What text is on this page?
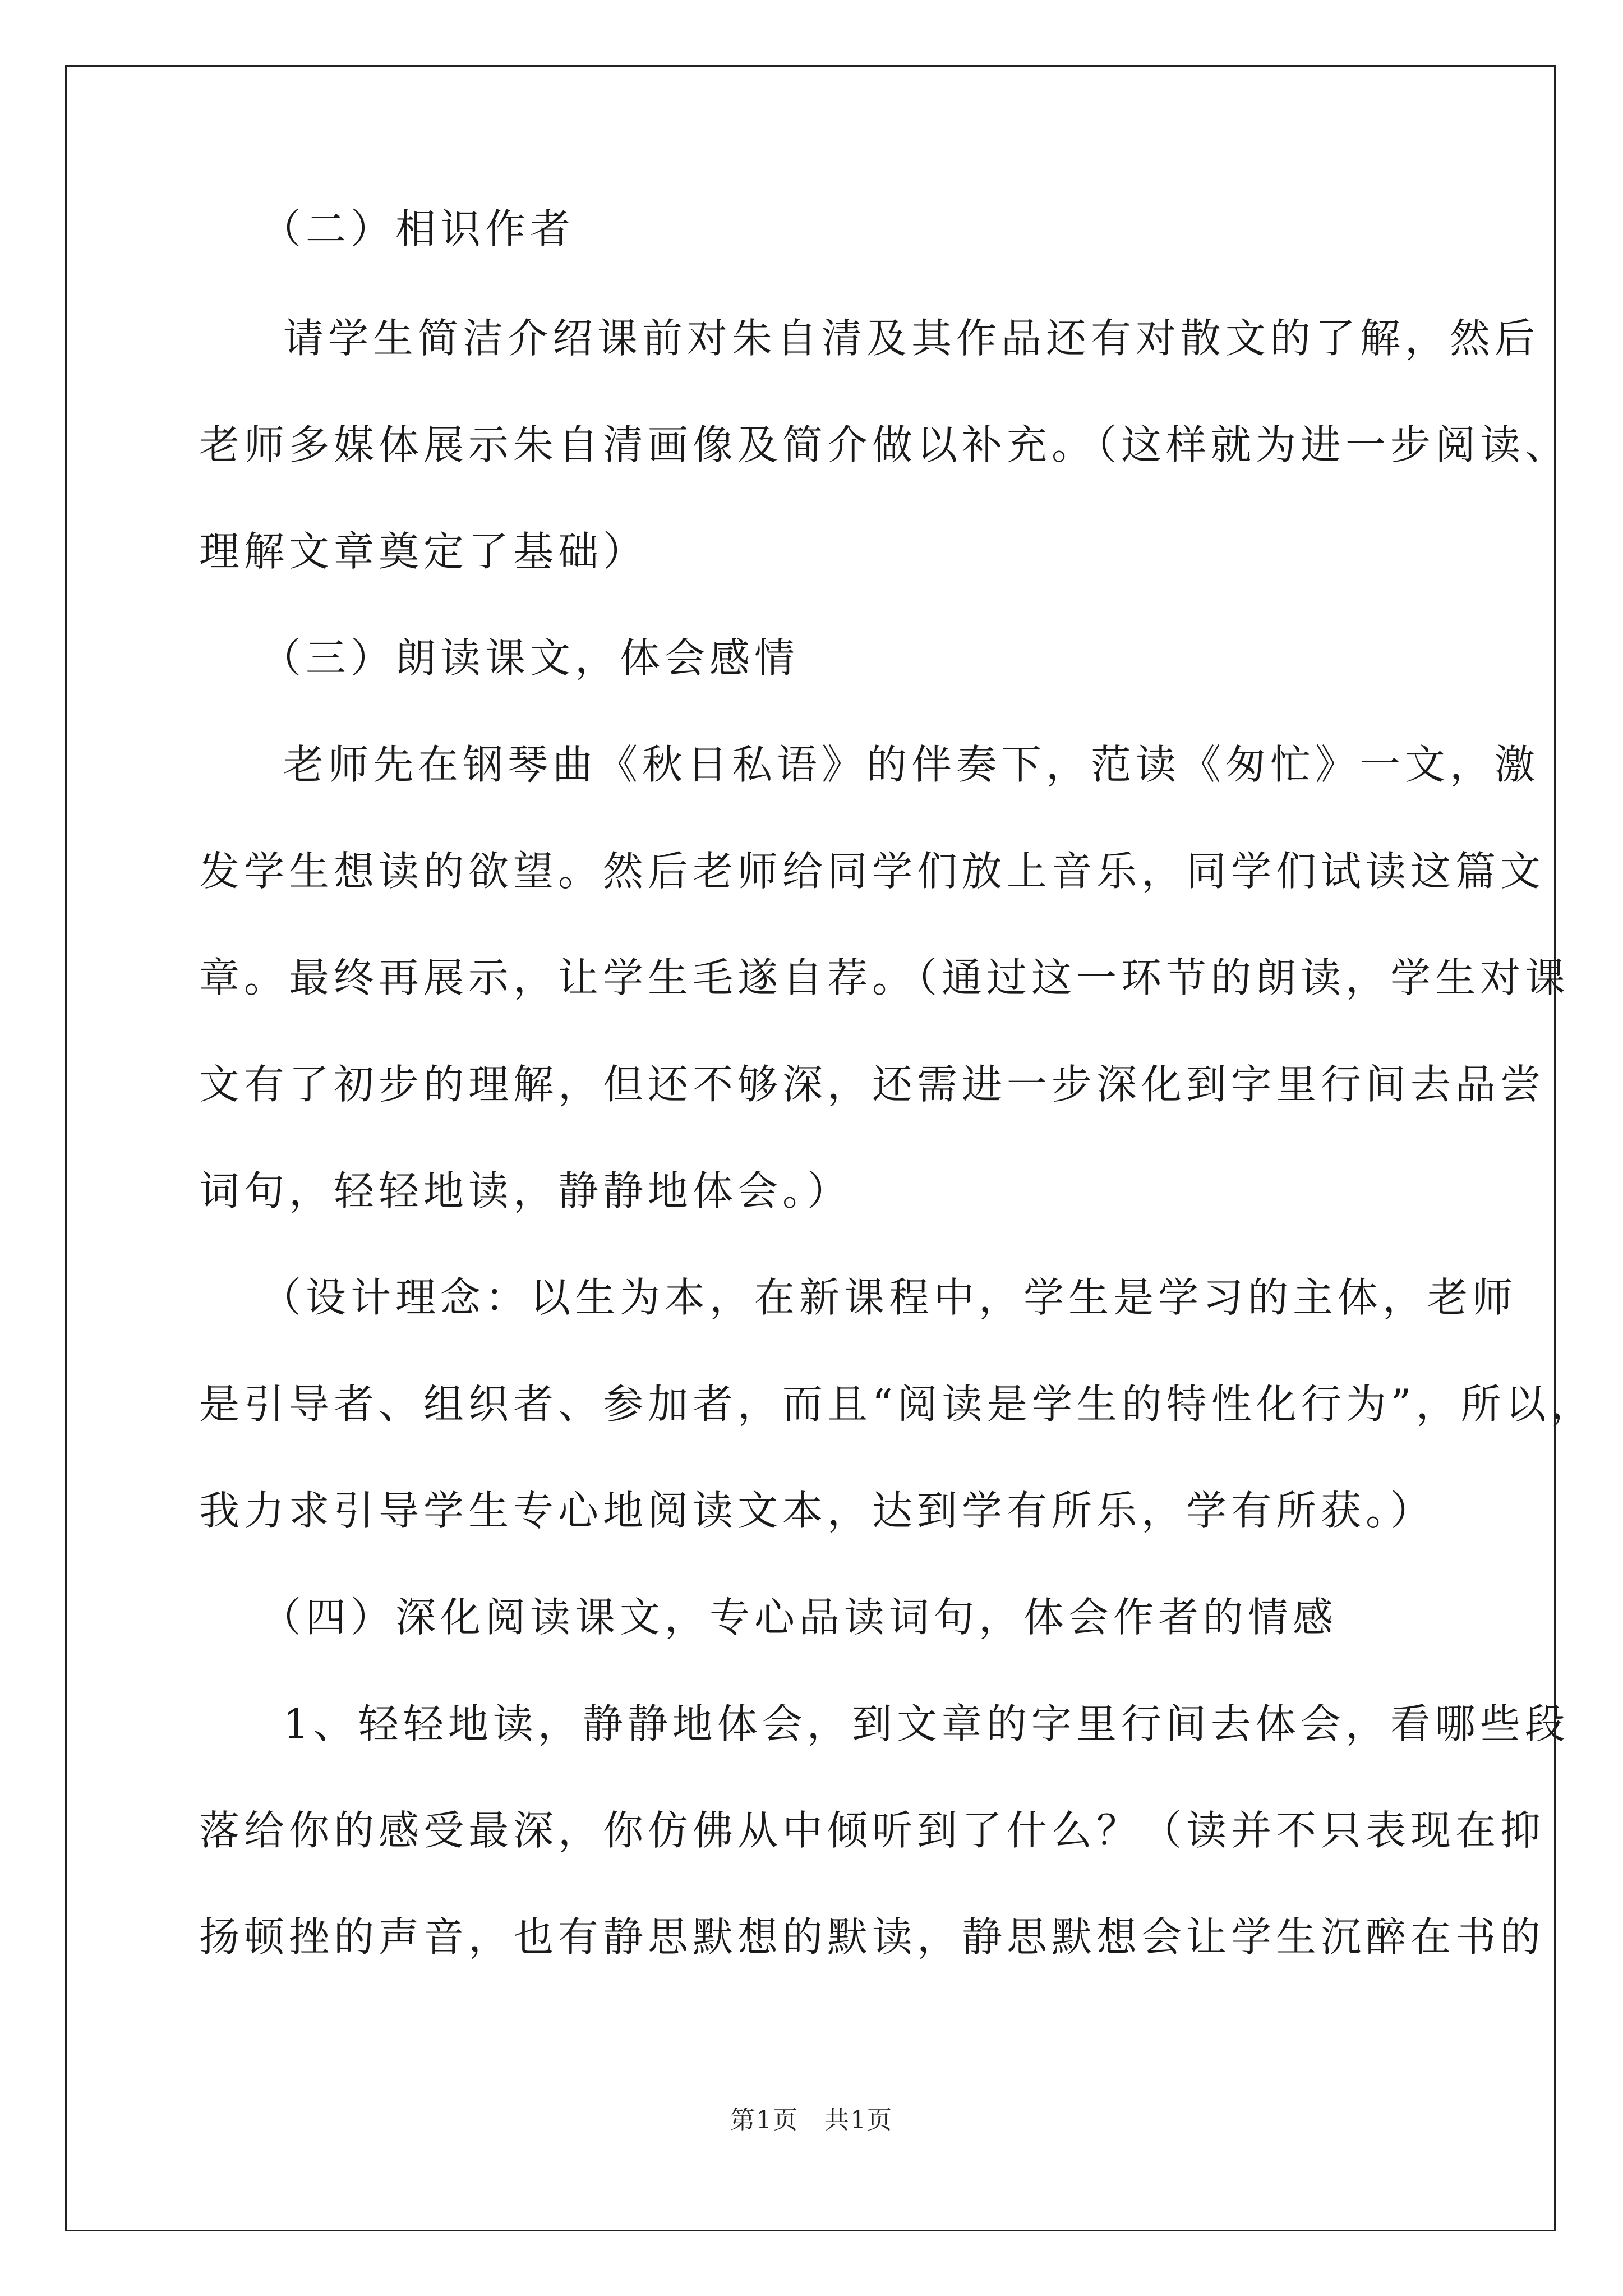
（二）相识作者
请学生简洁介绍课前对朱自清及其作品还有对散文的了解，然后
老师多媒体展示朱自清画像及简介做以补充。（这样就为进一步阅读、
理解文章奠定了基础）
（三）朗读课文，体会感情
老师先在钢琴曲《秋日私语》的伴奏下，范读《匆忙》一文，激
发学生想读的欲望。然后老师给同学们放上音乐，同学们试读这篇文
章。最终再展示，让学生毛遂自荐。（通过这一环节的朗读，学生对课
文有了初步的理解，但还不够深，还需进一步深化到字里行间去品尝
词句，轻轻地读，静静地体会。）
（设计理念：以生为本，在新课程中，学生是学习的主体，老师
是引导者、组织者、参加者，而且“阅读是学生的特性化行为”，所以，
我力求引导学生专心地阅读文本，达到学有所乐，学有所获。）
（四）深化阅读课文，专心品读词句，体会作者的情感
1、轻轻地读，静静地体会，到文章的字里行间去体会，看哪些段
落给你的感受最深，你仿佛从中倾听到了什么？（读并不只表现在抑
扬顿挫的声音，也有静思默想的默读，静思默想会让学生沉醉在书的
第1页　共1页
